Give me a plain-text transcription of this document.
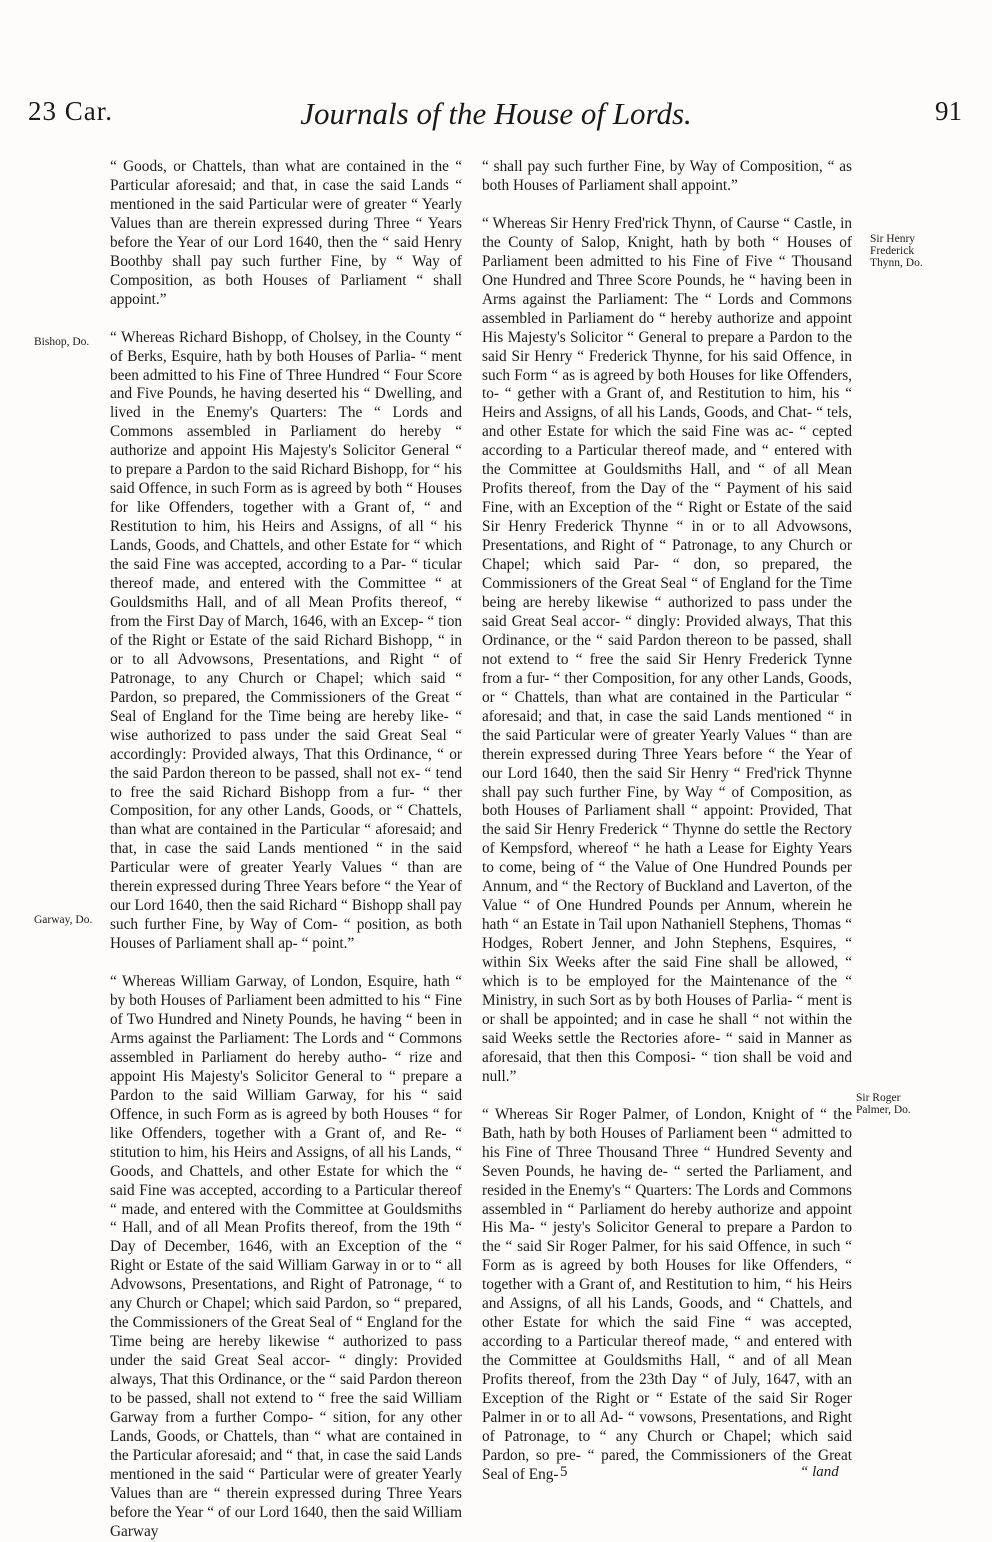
23 Car.	Journals of the House of Lords.	91
Bishop, Do.
Garway, Do.
Sir Henry Frederick Thynn, Do.
Sir Roger Palmer, Do.

“ Goods, or Chattels, than what are contained in the “ Particular aforesaid; and that, in case the said Lands “ mentioned in the said Particular were of greater “ Yearly Values than are therein expressed during Three “ Years before the Year of our Lord 1640, then the “ said Henry Boothby shall pay such further Fine, by “ Way of Composition, as both Houses of Parliament “ shall appoint.”

“ Whereas Richard Bishopp, of Cholsey, in the County “ of Berks, Esquire, hath by both Houses of Parlia- “ ment been admitted to his Fine of Three Hundred “ Four Score and Five Pounds, he having deserted his “ Dwelling, and lived in the Enemy's Quarters: The “ Lords and Commons assembled in Parliament do hereby “ authorize and appoint His Majesty's Solicitor General “ to prepare a Pardon to the said Richard Bishopp, for “ his said Offence, in such Form as is agreed by both “ Houses for like Offenders, together with a Grant of, “ and Restitution to him, his Heirs and Assigns, of all “ his Lands, Goods, and Chattels, and other Estate for “ which the said Fine was accepted, according to a Par- “ ticular thereof made, and entered with the Committee “ at Gouldsmiths Hall, and of all Mean Profits thereof, “ from the First Day of March, 1646, with an Excep- “ tion of the Right or Estate of the said Richard Bishopp, “ in or to all Advowsons, Presentations, and Right “ of Patronage, to any Church or Chapel; which said “ Pardon, so prepared, the Commissioners of the Great “ Seal of England for the Time being are hereby like- “ wise authorized to pass under the said Great Seal “ accordingly: Provided always, That this Ordinance, “ or the said Pardon thereon to be passed, shall not ex- “ tend to free the said Richard Bishopp from a fur- “ ther Composition, for any other Lands, Goods, or “ Chattels, than what are contained in the Particular “ aforesaid; and that, in case the said Lands mentioned “ in the said Particular were of greater Yearly Values “ than are therein expressed during Three Years before “ the Year of our Lord 1640, then the said Richard “ Bishopp shall pay such further Fine, by Way of Com- “ position, as both Houses of Parliament shall ap- “ point.”

“ Whereas William Garway, of London, Esquire, hath “ by both Houses of Parliament been admitted to his “ Fine of Two Hundred and Ninety Pounds, he having “ been in Arms against the Parliament: The Lords and “ Commons assembled in Parliament do hereby autho- “ rize and appoint His Majesty's Solicitor General to “ prepare a Pardon to the said William Garway, for his “ said Offence, in such Form as is agreed by both Houses “ for like Offenders, together with a Grant of, and Re- “ stitution to him, his Heirs and Assigns, of all his Lands, “ Goods, and Chattels, and other Estate for which the “ said Fine was accepted, according to a Particular thereof “ made, and entered with the Committee at Gouldsmiths “ Hall, and of all Mean Profits thereof, from the 19th “ Day of December, 1646, with an Exception of the “ Right or Estate of the said William Garway in or to “ all Advowsons, Presentations, and Right of Patronage, “ to any Church or Chapel; which said Pardon, so “ prepared, the Commissioners of the Great Seal of “ England for the Time being are hereby likewise “ authorized to pass under the said Great Seal accor- “ dingly: Provided always, That this Ordinance, or the “ said Pardon thereon to be passed, shall not extend to “ free the said William Garway from a further Compo- “ sition, for any other Lands, Goods, or Chattels, than “ what are contained in the Particular aforesaid; and “ that, in case the said Lands mentioned in the said “ Particular were of greater Yearly Values than are “ therein expressed during Three Years before the Year “ of our Lord 1640, then the said William Garway

“ shall pay such further Fine, by Way of Composition, “ as both Houses of Parliament shall appoint.”

“ Whereas Sir Henry Fred'rick Thynn, of Caurse “ Castle, in the County of Salop, Knight, hath by both “ Houses of Parliament been admitted to his Fine of Five “ Thousand One Hundred and Three Score Pounds, he “ having been in Arms against the Parliament: The “ Lords and Commons assembled in Parliament do “ hereby authorize and appoint His Majesty's Solicitor “ General to prepare a Pardon to the said Sir Henry “ Frederick Thynne, for his said Offence, in such Form “ as is agreed by both Houses for like Offenders, to- “ gether with a Grant of, and Restitution to him, his “ Heirs and Assigns, of all his Lands, Goods, and Chat- “ tels, and other Estate for which the said Fine was ac- “ cepted according to a Particular thereof made, and “ entered with the Committee at Gouldsmiths Hall, and “ of all Mean Profits thereof, from the Day of the “ Payment of his said Fine, with an Exception of the “ Right or Estate of the said Sir Henry Frederick Thynne “ in or to all Advowsons, Presentations, and Right of “ Patronage, to any Church or Chapel; which said Par- “ don, so prepared, the Commissioners of the Great Seal “ of England for the Time being are hereby likewise “ authorized to pass under the said Great Seal accor- “ dingly: Provided always, That this Ordinance, or the “ said Pardon thereon to be passed, shall not extend to “ free the said Sir Henry Frederick Tynne from a fur- “ ther Composition, for any other Lands, Goods, or “ Chattels, than what are contained in the Particular “ aforesaid; and that, in case the said Lands mentioned “ in the said Particular were of greater Yearly Values “ than are therein expressed during Three Years before “ the Year of our Lord 1640, then the said Sir Henry “ Fred'rick Thynne shall pay such further Fine, by Way “ of Composition, as both Houses of Parliament shall “ appoint: Provided, That the said Sir Henry Frederick “ Thynne do settle the Rectory of Kempsford, whereof “ he hath a Lease for Eighty Years to come, being of “ the Value of One Hundred Pounds per Annum, and “ the Rectory of Buckland and Laverton, of the Value “ of One Hundred Pounds per Annum, wherein he hath “ an Estate in Tail upon Nathaniell Stephens, Thomas “ Hodges, Robert Jenner, and John Stephens, Esquires, “ within Six Weeks after the said Fine shall be allowed, “ which is to be employed for the Maintenance of the “ Ministry, in such Sort as by both Houses of Parlia- “ ment is or shall be appointed; and in case he shall “ not within the said Weeks settle the Rectories afore- “ said in Manner as aforesaid, that then this Composi- “ tion shall be void and null.”

“ Whereas Sir Roger Palmer, of London, Knight of “ the Bath, hath by both Houses of Parliament been “ admitted to his Fine of Three Thousand Three “ Hundred Seventy and Seven Pounds, he having de- “ serted the Parliament, and resided in the Enemy's “ Quarters: The Lords and Commons assembled in “ Parliament do hereby authorize and appoint His Ma- “ jesty's Solicitor General to prepare a Pardon to the “ said Sir Roger Palmer, for his said Offence, in such “ Form as is agreed by both Houses for like Offenders, “ together with a Grant of, and Restitution to him, “ his Heirs and Assigns, of all his Lands, Goods, and “ Chattels, and other Estate for which the said Fine “ was accepted, according to a Particular thereof made, “ and entered with the Committee at Gouldsmiths Hall, “ and of all Mean Profits thereof, from the 23th Day “ of July, 1647, with an Exception of the Right or “ Estate of the said Sir Roger Palmer in or to all Ad- “ vowsons, Presentations, and Right of Patronage, to “ any Church or Chapel; which said Pardon, so pre- “ pared, the Commissioners of the Great Seal of Eng- 5	“ land
